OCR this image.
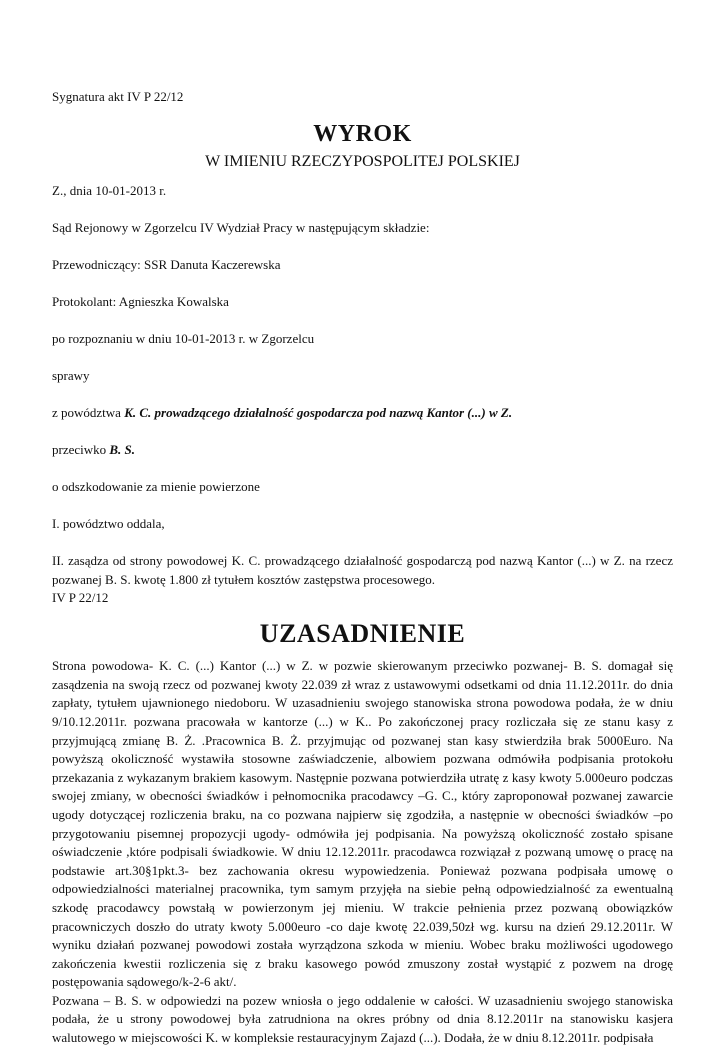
Sygnatura akt IV P 22/12

WYROK

W IMIENIU RZECZYPOSPOLITEJ POLSKIEJ

Z., dnia 10-01-2013 r.

Sąd Rejonowy w Zgorzelcu IV Wydział Pracy w następującym składzie:

Przewodniczący: SSR Danuta Kaczerewska

Protokolant: Agnieszka Kowalska

po rozpoznaniu w dniu 10-01-2013 r. w Zgorzelcu

sprawy

z powództwa K. C. prowadzącego działalność gospodarcza pod nazwą Kantor (...) w Z.

przeciwko B. S.

o odszkodowanie za mienie powierzone

I. powództwo oddala,

II. zasądza od strony powodowej K. C. prowadzącego działalność gospodarczą pod nazwą Kantor (...) w Z. na rzecz pozwanej B. S. kwotę 1.800 zł tytułem kosztów zastępstwa procesowego.

IV P 22/12

UZASADNIENIE

Strona powodowa- K. C. (...) Kantor (...) w Z. w pozwie skierowanym przeciwko pozwanej- B. S. domagał się zasądzenia na swoją rzecz od pozwanej kwoty 22.039 zł wraz z ustawowymi odsetkami od dnia 11.12.2011r. do dnia zapłaty, tytułem ujawnionego niedoboru. W uzasadnieniu swojego stanowiska strona powodowa podała, że w dniu 9/10.12.2011r. pozwana pracowała w kantorze (...) w K.. Po zakończonej pracy rozliczała się ze stanu kasy z przyjmującą zmianę B. Ż. .Pracownica B. Ż. przyjmując od pozwanej stan kasy stwierdziła brak 5000Euro. Na powyższą okoliczność wystawiła stosowne zaświadczenie, albowiem pozwana odmówiła podpisania protokołu przekazania z wykazanym brakiem kasowym. Następnie pozwana potwierdziła utratę z kasy kwoty 5.000euro podczas swojej zmiany, w obecności świadków i pełnomocnika pracodawcy –G. C., który zaproponował pozwanej zawarcie ugody dotyczącej rozliczenia braku, na co pozwana najpierw się zgodziła, a następnie w obecności świadków –po przygotowaniu pisemnej propozycji ugody- odmówiła jej podpisania. Na powyższą okoliczność zostało spisane oświadczenie ,które podpisali świadkowie. W dniu 12.12.2011r. pracodawca rozwiązał z pozwaną umowę o pracę na podstawie art.30§1pkt.3- bez zachowania okresu wypowiedzenia. Ponieważ pozwana podpisała umowę o odpowiedzialności materialnej pracownika, tym samym przyjęła na siebie pełną odpowiedzialność za ewentualną szkodę pracodawcy powstałą w powierzonym jej mieniu. W trakcie pełnienia przez pozwaną obowiązków pracowniczych doszło do utraty kwoty 5.000euro -co daje kwotę 22.039,50zł wg. kursu na dzień 29.12.2011r. W wyniku działań pozwanej powodowi została wyrządzona szkoda w mieniu. Wobec braku możliwości ugodowego zakończenia kwestii rozliczenia się z braku kasowego powód zmuszony został wystąpić z pozwem na drogę postępowania sądowego/k-2-6 akt/.

Pozwana – B. S. w odpowiedzi na pozew wniosła o jego oddalenie w całości. W uzasadnieniu swojego stanowiska podała, że u strony powodowej była zatrudniona na okres próbny od dnia 8.12.2011r na stanowisku kasjera walutowego w miejscowości K. w kompleksie restauracyjnym Zajazd (...). Dodała, że w dniu 8.12.2011r. podpisała
